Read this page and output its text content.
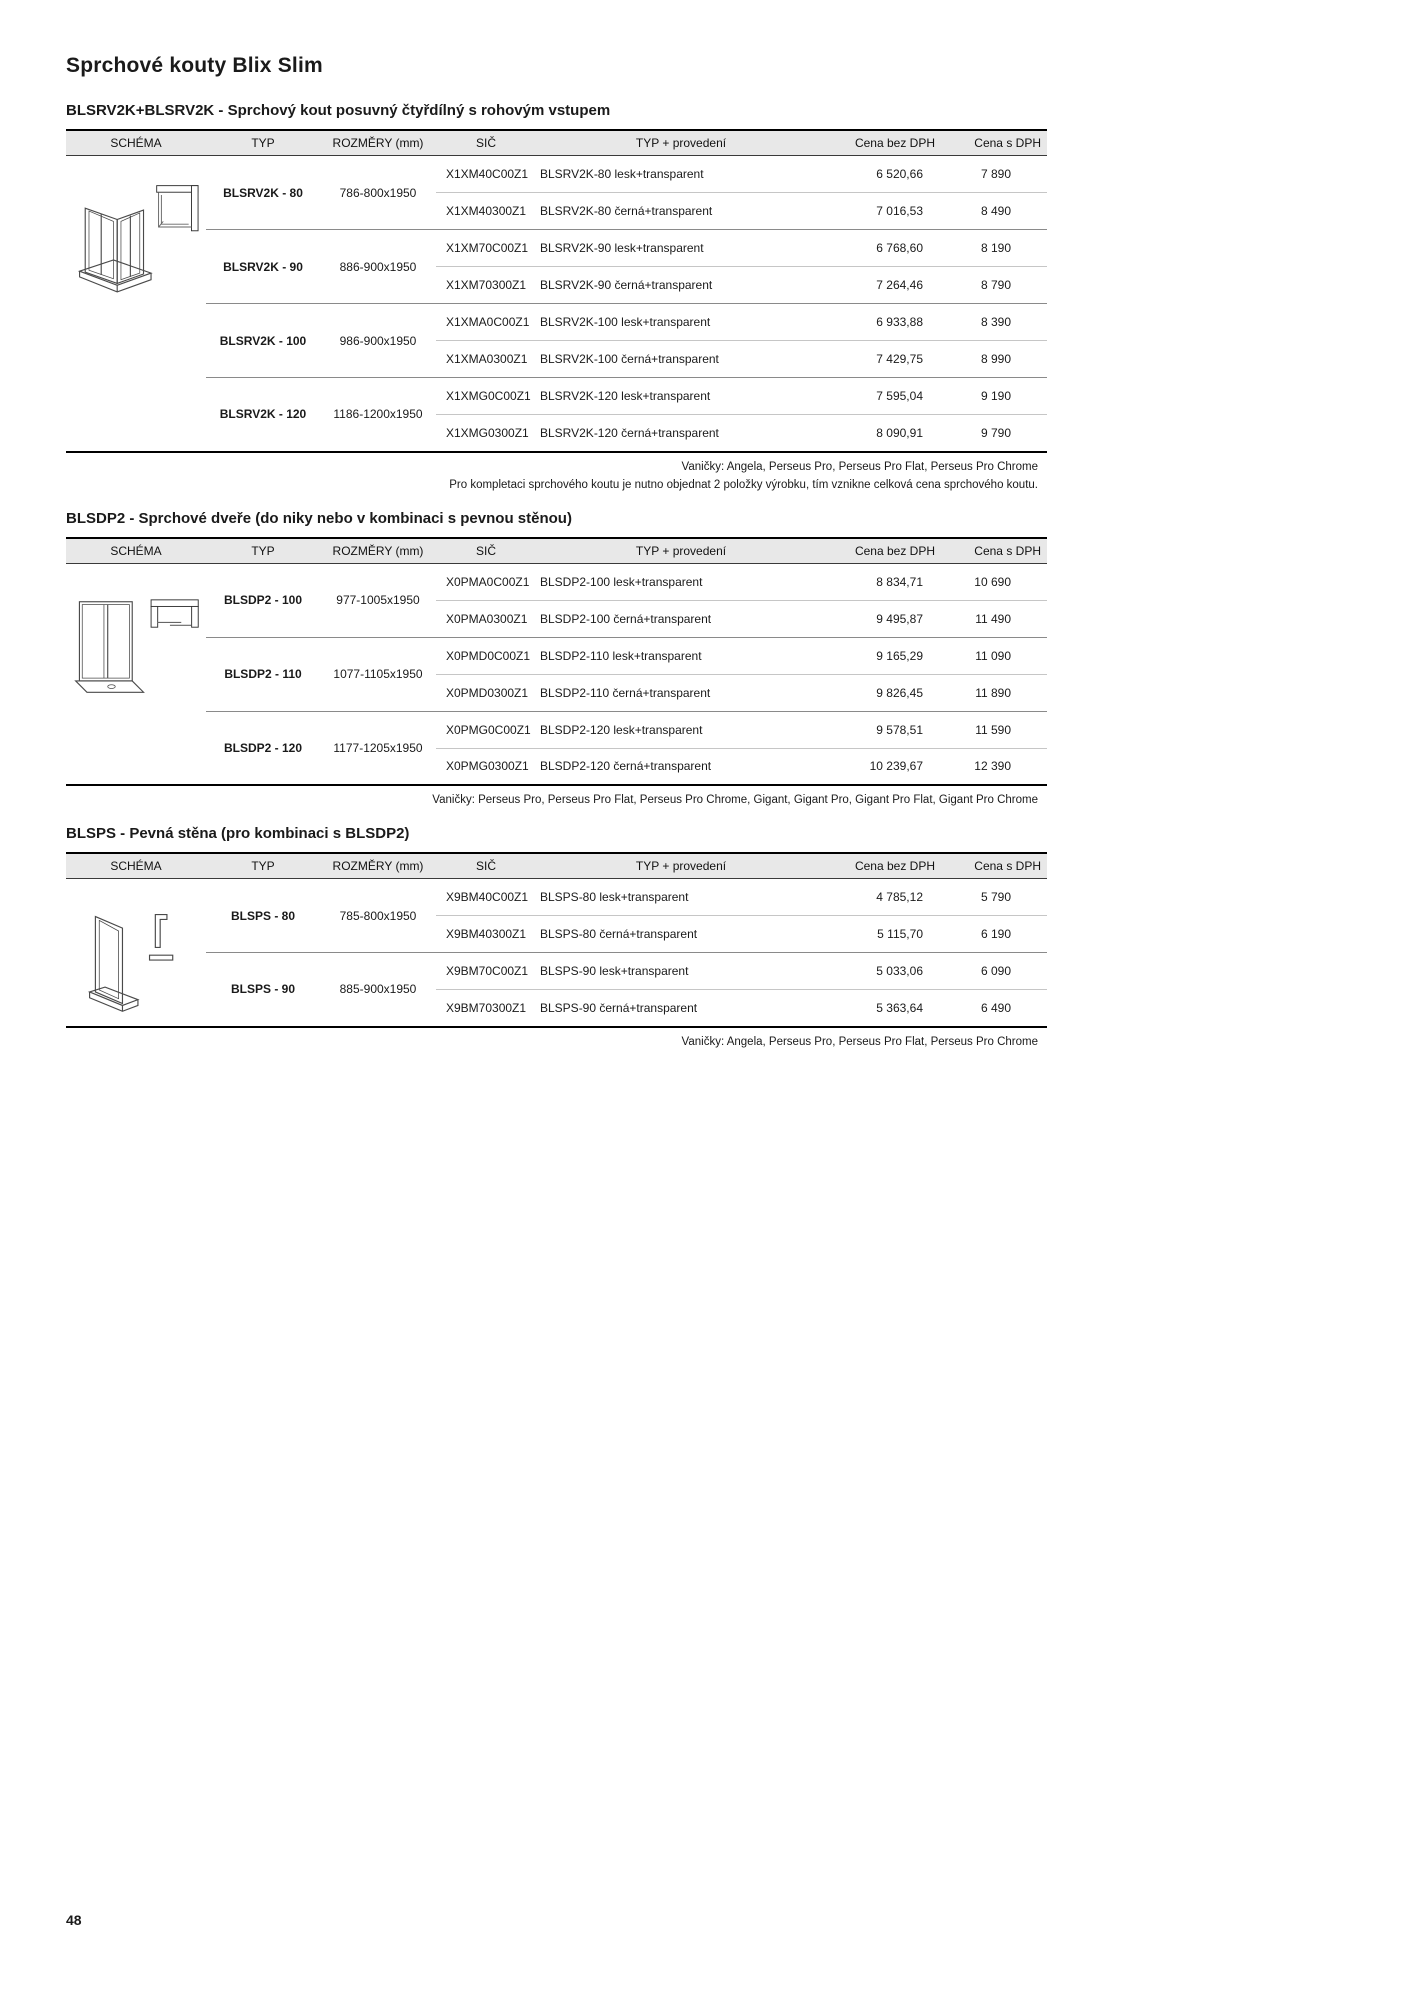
Sprchové kouty Blix Slim
BLSRV2K+BLSRV2K - Sprchový kout posuvný čtyřdílný s rohovým vstupem
SCHÉMA	TYP	ROZMĚRY (mm)	SIČ	TYP + provedení	Cena bez DPH	Cena s DPH
	BLSRV2K - 80	786-800x1950	X1XM40C00Z1	BLSRV2K-80 lesk+transparent	6 520,66	7 890
			X1XM40300Z1	BLSRV2K-80 černá+transparent	7 016,53	8 490
	BLSRV2K - 90	886-900x1950	X1XM70C00Z1	BLSRV2K-90 lesk+transparent	6 768,60	8 190
			X1XM70300Z1	BLSRV2K-90 černá+transparent	7 264,46	8 790
	BLSRV2K - 100	986-900x1950	X1XMA0C00Z1	BLSRV2K-100 lesk+transparent	6 933,88	8 390
			X1XMA0300Z1	BLSRV2K-100 černá+transparent	7 429,75	8 990
	BLSRV2K - 120	1186-1200x1950	X1XMG0C00Z1	BLSRV2K-120 lesk+transparent	7 595,04	9 190
			X1XMG0300Z1	BLSRV2K-120 černá+transparent	8 090,91	9 790
Vaničky: Angela, Perseus Pro, Perseus Pro Flat, Perseus Pro Chrome
Pro kompletaci sprchového koutu je nutno objednat 2 položky výrobku, tím vznikne celková cena sprchového koutu.
BLSDP2 - Sprchové dveře (do niky nebo v kombinaci s pevnou stěnou)
SCHÉMA	TYP	ROZMĚRY (mm)	SIČ	TYP + provedení	Cena bez DPH	Cena s DPH
	BLSDP2 - 100	977-1005x1950	X0PMA0C00Z1	BLSDP2-100 lesk+transparent	8 834,71	10 690
			X0PMA0300Z1	BLSDP2-100 černá+transparent	9 495,87	11 490
	BLSDP2 - 110	1077-1105x1950	X0PMD0C00Z1	BLSDP2-110 lesk+transparent	9 165,29	11 090
			X0PMD0300Z1	BLSDP2-110 černá+transparent	9 826,45	11 890
	BLSDP2 - 120	1177-1205x1950	X0PMG0C00Z1	BLSDP2-120 lesk+transparent	9 578,51	11 590
			X0PMG0300Z1	BLSDP2-120 černá+transparent	10 239,67	12 390
Vaničky: Perseus Pro, Perseus Pro Flat, Perseus Pro Chrome, Gigant, Gigant Pro, Gigant Pro Flat, Gigant Pro Chrome
BLSPS - Pevná stěna (pro kombinaci s BLSDP2)
SCHÉMA	TYP	ROZMĚRY (mm)	SIČ	TYP + provedení	Cena bez DPH	Cena s DPH
	BLSPS - 80	785-800x1950	X9BM40C00Z1	BLSPS-80 lesk+transparent	4 785,12	5 790
			X9BM40300Z1	BLSPS-80 černá+transparent	5 115,70	6 190
	BLSPS - 90	885-900x1950	X9BM70C00Z1	BLSPS-90 lesk+transparent	5 033,06	6 090
			X9BM70300Z1	BLSPS-90 černá+transparent	5 363,64	6 490
Vaničky: Angela, Perseus Pro, Perseus Pro Flat, Perseus Pro Chrome
48
